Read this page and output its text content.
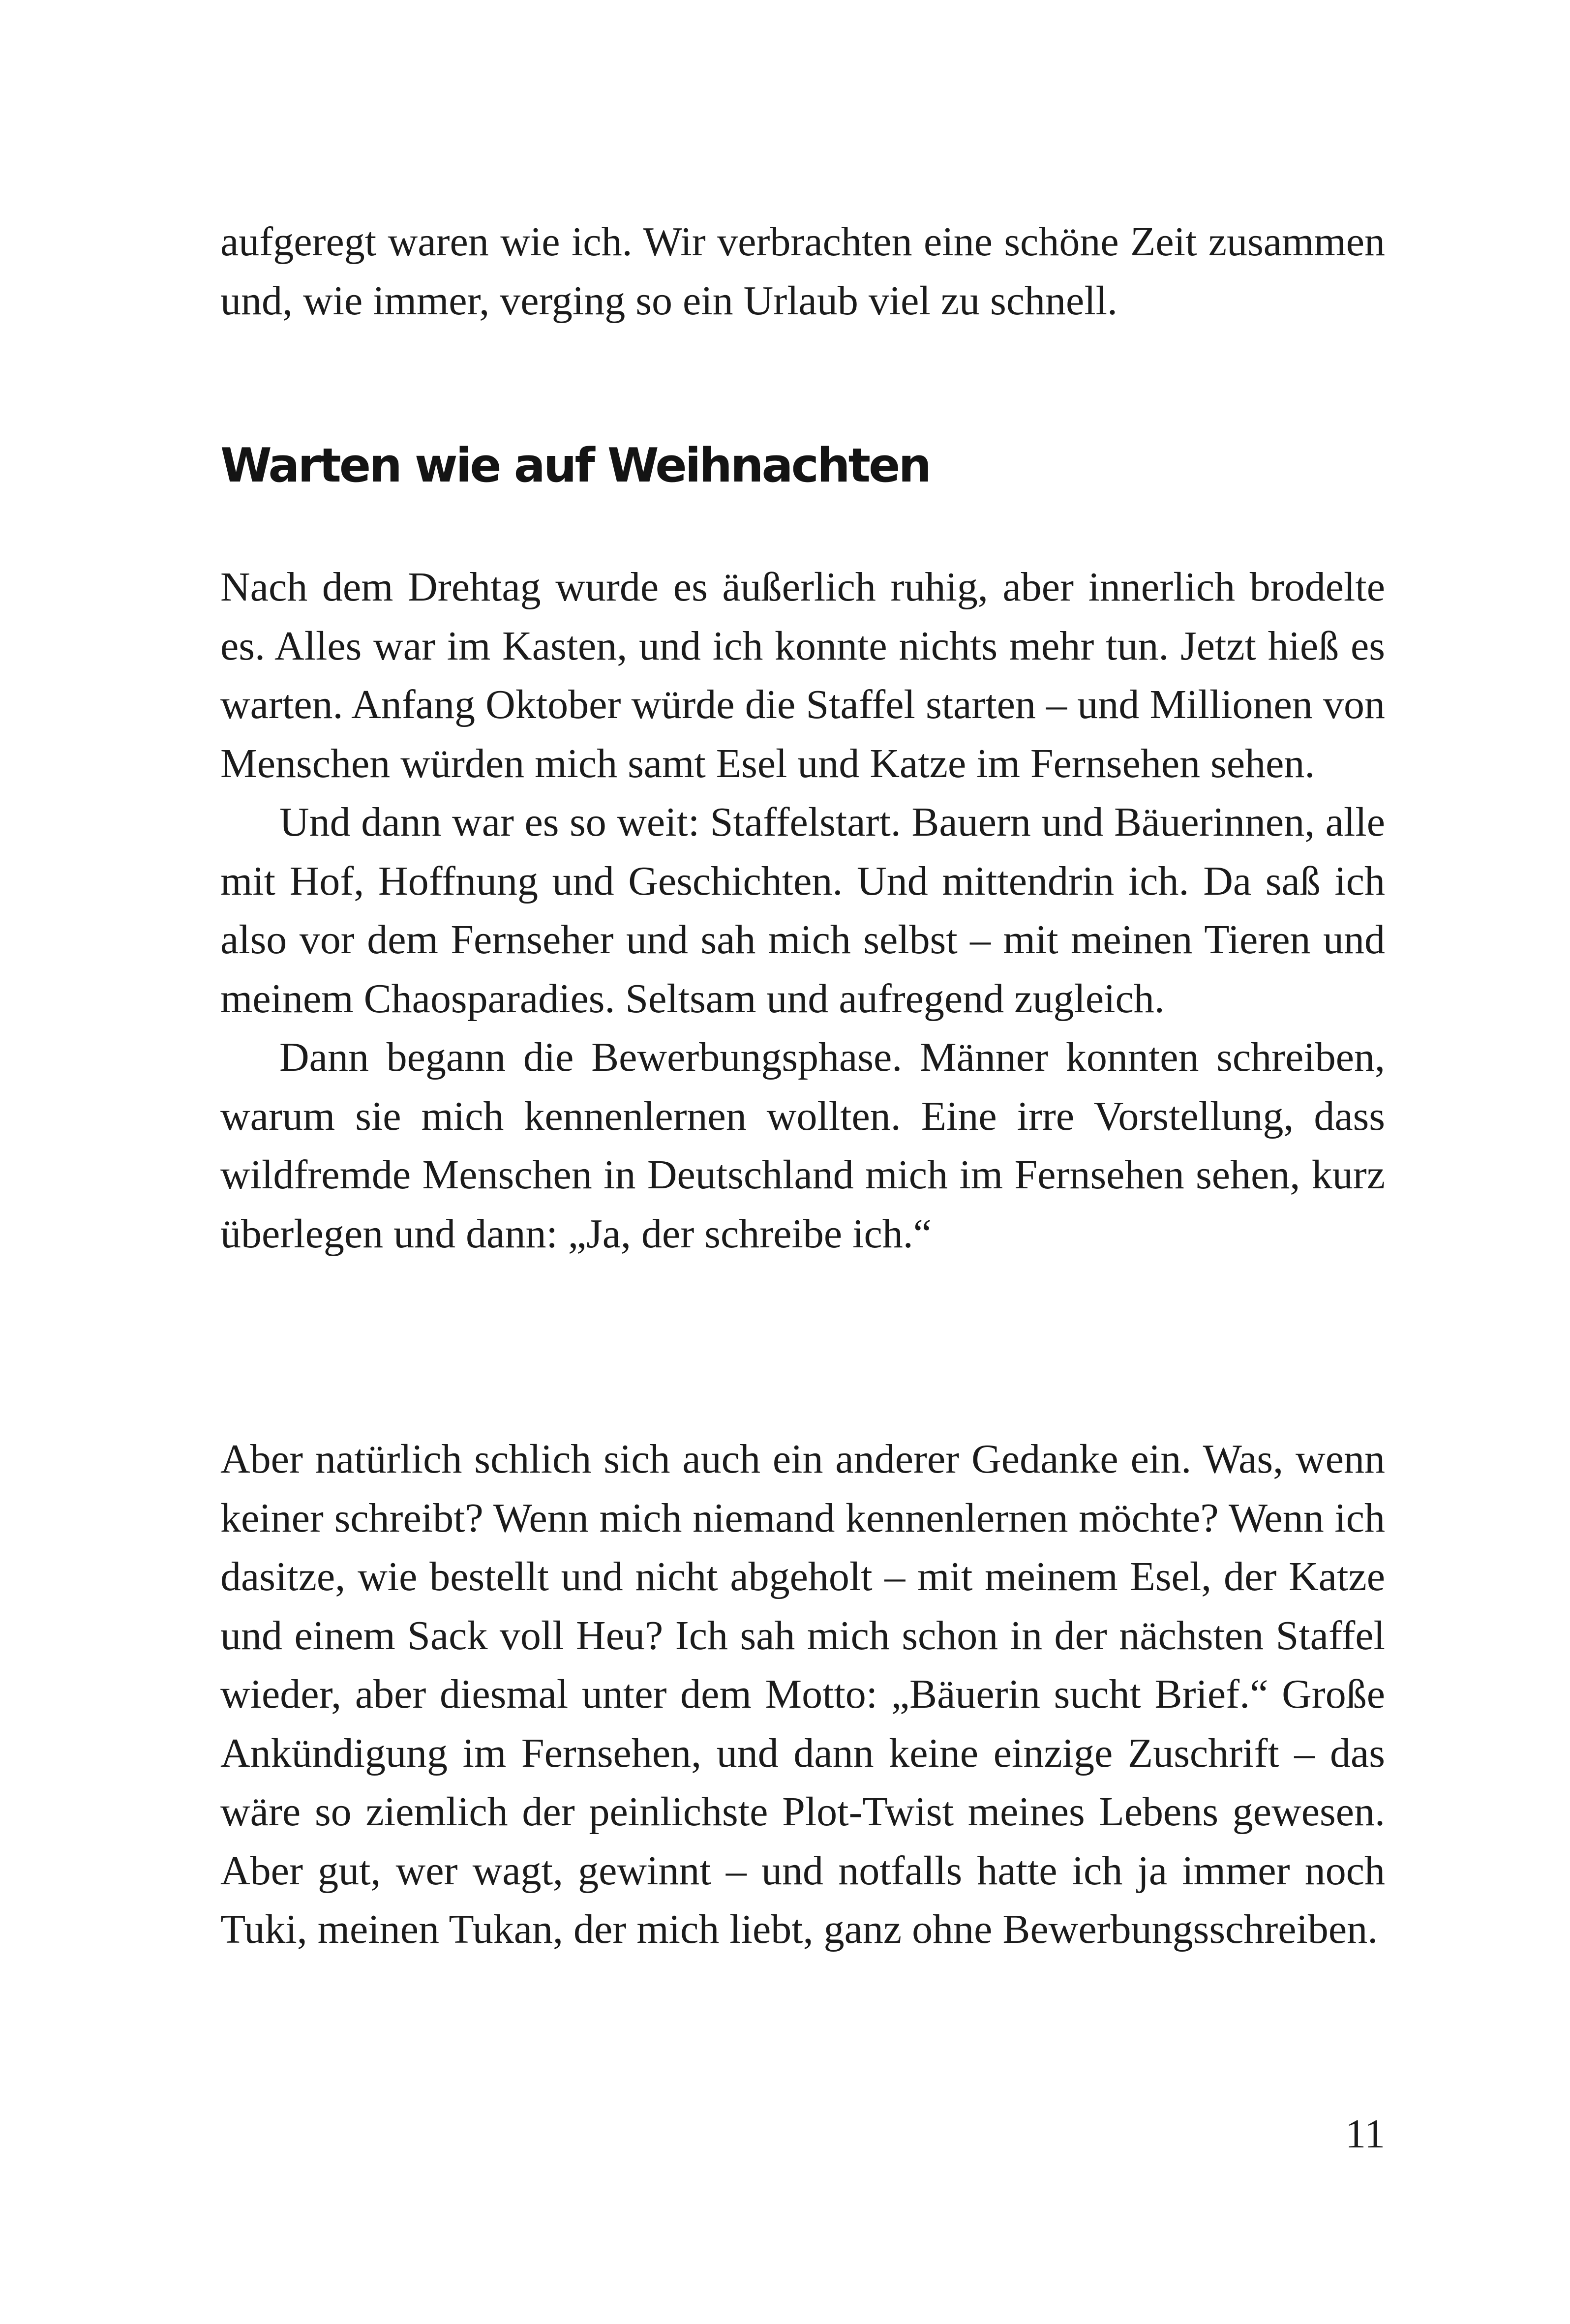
aufgeregt waren wie ich. Wir verbrachten eine schöne Zeit zusammen und, wie immer, verging so ein Urlaub viel zu schnell.

Warten wie auf Weihnachten

Nach dem Drehtag wurde es äußerlich ruhig, aber innerlich brodelte es. Alles war im Kasten, und ich konnte nichts mehr tun. Jetzt hieß es warten. Anfang Oktober würde die Staffel starten – und Millionen von Menschen würden mich samt Esel und Katze im Fernsehen sehen.

Und dann war es so weit: Staffelstart. Bauern und Bäuerinnen, alle mit Hof, Hoffnung und Geschichten. Und mittendrin ich. Da saß ich also vor dem Fernseher und sah mich selbst – mit meinen Tieren und meinem Chaosparadies. Seltsam und aufregend zugleich.

Dann begann die Bewerbungsphase. Männer konnten schreiben, warum sie mich kennenlernen wollten. Eine irre Vorstellung, dass wildfremde Menschen in Deutschland mich im Fernsehen sehen, kurz überlegen und dann: „Ja, der schreibe ich.“

Aber natürlich schlich sich auch ein anderer Gedanke ein. Was, wenn keiner schreibt? Wenn mich niemand kennenlernen möchte? Wenn ich dasitze, wie bestellt und nicht abgeholt – mit meinem Esel, der Katze und einem Sack voll Heu? Ich sah mich schon in der nächsten Staffel wieder, aber diesmal unter dem Motto: „Bäuerin sucht Brief.“ Große Ankündigung im Fernsehen, und dann keine einzige Zuschrift – das wäre so ziemlich der peinlichste Plot-Twist meines Lebens gewesen. Aber gut, wer wagt, gewinnt – und notfalls hatte ich ja immer noch Tuki, meinen Tukan, der mich liebt, ganz ohne Bewerbungsschreiben.

11
